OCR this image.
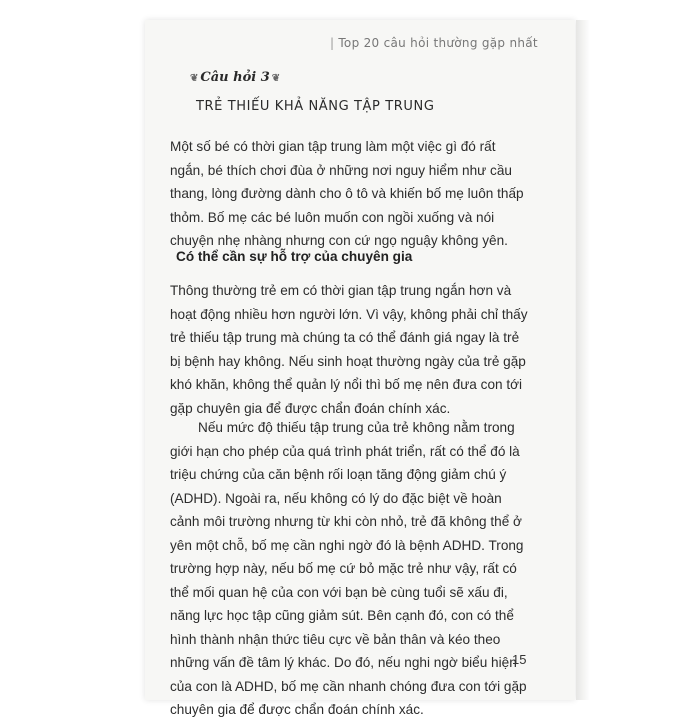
| Top 20 câu hỏi thường gặp nhất
❦ Câu hỏi 3 ❦
TRẺ THIẾU KHẢ NĂNG TẬP TRUNG

Một số bé có thời gian tập trung làm một việc gì đó rất ngắn, bé thích chơi đùa ở những nơi nguy hiểm như cầu thang, lòng đường dành cho ô tô và khiến bố mẹ luôn thấp thỏm. Bố mẹ các bé luôn muốn con ngồi xuống và nói chuyện nhẹ nhàng nhưng con cứ ngọ nguậy không yên.

Có thể cần sự hỗ trợ của chuyên gia

Thông thường trẻ em có thời gian tập trung ngắn hơn và hoạt động nhiều hơn người lớn. Vì vậy, không phải chỉ thấy trẻ thiếu tập trung mà chúng ta có thể đánh giá ngay là trẻ bị bệnh hay không. Nếu sinh hoạt thường ngày của trẻ gặp khó khăn, không thể quản lý nổi thì bố mẹ nên đưa con tới gặp chuyên gia để được chẩn đoán chính xác.

Nếu mức độ thiếu tập trung của trẻ không nằm trong giới hạn cho phép của quá trình phát triển, rất có thể đó là triệu chứng của căn bệnh rối loạn tăng động giảm chú ý (ADHD). Ngoài ra, nếu không có lý do đặc biệt về hoàn cảnh môi trường nhưng từ khi còn nhỏ, trẻ đã không thể ở yên một chỗ, bố mẹ cần nghi ngờ đó là bệnh ADHD. Trong trường hợp này, nếu bố mẹ cứ bỏ mặc trẻ như vậy, rất có thể mối quan hệ của con với bạn bè cùng tuổi sẽ xấu đi, năng lực học tập cũng giảm sút. Bên cạnh đó, con có thể hình thành nhận thức tiêu cực về bản thân và kéo theo những vấn đề tâm lý khác. Do đó, nếu nghi ngờ biểu hiện của con là ADHD, bố mẹ cần nhanh chóng đưa con tới gặp chuyên gia để được chẩn đoán chính xác.

15
